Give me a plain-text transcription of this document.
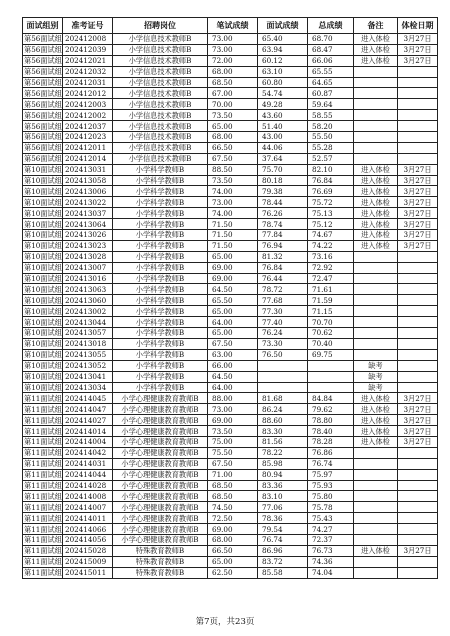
面试组别	准考证号	招聘岗位	笔试成绩	面试成绩	总成绩	备注	体检日期
第56面试组	202412008	小学信息技术教师B	73.00	65.40	68.70	进入体检	3月27日
第56面试组	202412039	小学信息技术教师B	73.00	63.94	68.47	进入体检	3月27日
第56面试组	202412021	小学信息技术教师B	72.00	60.12	66.06	进入体检	3月27日
第56面试组	202412032	小学信息技术教师B	68.00	63.10	65.55		
第56面试组	202412031	小学信息技术教师B	68.50	60.80	64.65		
第56面试组	202412012	小学信息技术教师B	67.00	54.74	60.87		
第56面试组	202412003	小学信息技术教师B	70.00	49.28	59.64		
第56面试组	202412002	小学信息技术教师B	73.50	43.60	58.55		
第56面试组	202412037	小学信息技术教师B	65.00	51.40	58.20		
第56面试组	202412023	小学信息技术教师B	68.00	43.00	55.50		
第56面试组	202412011	小学信息技术教师B	66.50	44.06	55.28		
第56面试组	202412014	小学信息技术教师B	67.50	37.64	52.57		
第10面试组	202413031	小学科学教师B	88.50	75.70	82.10	进入体检	3月27日
第10面试组	202413058	小学科学教师B	73.50	80.18	76.84	进入体检	3月27日
第10面试组	202413006	小学科学教师B	74.00	79.38	76.69	进入体检	3月27日
第10面试组	202413022	小学科学教师B	73.00	78.44	75.72	进入体检	3月27日
第10面试组	202413037	小学科学教师B	74.00	76.26	75.13	进入体检	3月27日
第10面试组	202413064	小学科学教师B	71.50	78.74	75.12	进入体检	3月27日
第10面试组	202413026	小学科学教师B	71.50	77.84	74.67	进入体检	3月27日
第10面试组	202413023	小学科学教师B	71.50	76.94	74.22	进入体检	3月27日
第10面试组	202413028	小学科学教师B	65.00	81.32	73.16		
第10面试组	202413007	小学科学教师B	69.00	76.84	72.92		
第10面试组	202413016	小学科学教师B	69.00	76.44	72.47		
第10面试组	202413063	小学科学教师B	64.50	78.72	71.61		
第10面试组	202413060	小学科学教师B	65.50	77.68	71.59		
第10面试组	202413002	小学科学教师B	65.00	77.30	71.15		
第10面试组	202413044	小学科学教师B	64.00	77.40	70.70		
第10面试组	202413057	小学科学教师B	65.00	76.24	70.62		
第10面试组	202413018	小学科学教师B	67.50	73.30	70.40		
第10面试组	202413055	小学科学教师B	63.00	76.50	69.75		
第10面试组	202413052	小学科学教师B	66.00			缺考	
第10面试组	202413041	小学科学教师B	64.50			缺考	
第10面试组	202413034	小学科学教师B	64.00			缺考	
第11面试组	202414045	小学心理健康教育教师B	88.00	81.68	84.84	进入体检	3月27日
第11面试组	202414047	小学心理健康教育教师B	73.00	86.24	79.62	进入体检	3月27日
第11面试组	202414027	小学心理健康教育教师B	69.00	88.60	78.80	进入体检	3月27日
第11面试组	202414014	小学心理健康教育教师B	73.50	83.30	78.40	进入体检	3月27日
第11面试组	202414004	小学心理健康教育教师B	75.00	81.56	78.28	进入体检	3月27日
第11面试组	202414042	小学心理健康教育教师B	75.50	78.22	76.86		
第11面试组	202414031	小学心理健康教育教师B	67.50	85.98	76.74		
第11面试组	202414044	小学心理健康教育教师B	71.00	80.94	75.97		
第11面试组	202414028	小学心理健康教育教师B	68.50	83.36	75.93		
第11面试组	202414008	小学心理健康教育教师B	68.50	83.10	75.80		
第11面试组	202414007	小学心理健康教育教师B	74.50	77.06	75.78		
第11面试组	202414011	小学心理健康教育教师B	72.50	78.36	75.43		
第11面试组	202414066	小学心理健康教育教师B	69.00	79.54	74.27		
第11面试组	202414056	小学心理健康教育教师B	68.00	76.74	72.37		
第11面试组	202415028	特殊教育教师B	66.50	86.96	76.73	进入体检	3月27日
第11面试组	202415009	特殊教育教师B	65.00	83.72	74.36		
第11面试组	202415011	特殊教育教师B	62.50	85.58	74.04		
第7页，共23页
